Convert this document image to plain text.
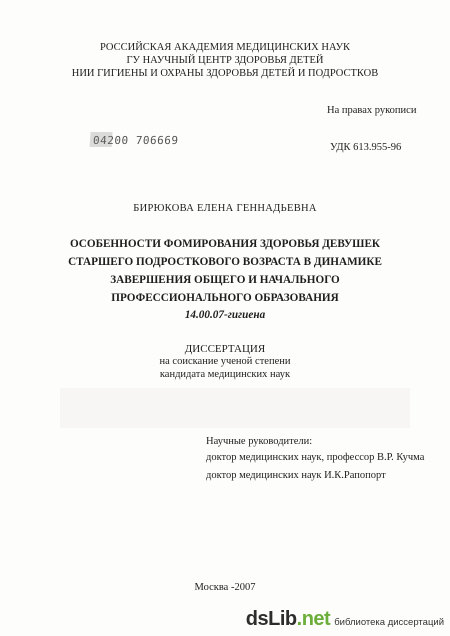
РОССИЙСКАЯ АКАДЕМИЯ МЕДИЦИНСКИХ НАУК
ГУ НАУЧНЫЙ ЦЕНТР ЗДОРОВЬЯ ДЕТЕЙ
НИИ ГИГИЕНЫ И ОХРАНЫ ЗДОРОВЬЯ ДЕТЕЙ И ПОДРОСТКОВ
На правах рукописи
04200 706669
УДК 613.955-96
БИРЮКОВА ЕЛЕНА ГЕННАДЬЕВНА
ОСОБЕННОСТИ ФОМИРОВАНИЯ ЗДОРОВЬЯ ДЕВУШЕК
СТАРШЕГО ПОДРОСТКОВОГО ВОЗРАСТА В ДИНАМИКЕ
ЗАВЕРШЕНИЯ ОБЩЕГО И НАЧАЛЬНОГО
ПРОФЕССИОНАЛЬНОГО ОБРАЗОВАНИЯ
14.00.07-гигиена
ДИССЕРТАЦИЯ
на соискание ученой степени
кандидата медицинских наук
Научные руководители:
доктор медицинских наук, профессор В.Р. Кучма
доктор медицинских наук И.К.Рапопорт
Москва -2007
dsLib.net библиотека диссертаций
